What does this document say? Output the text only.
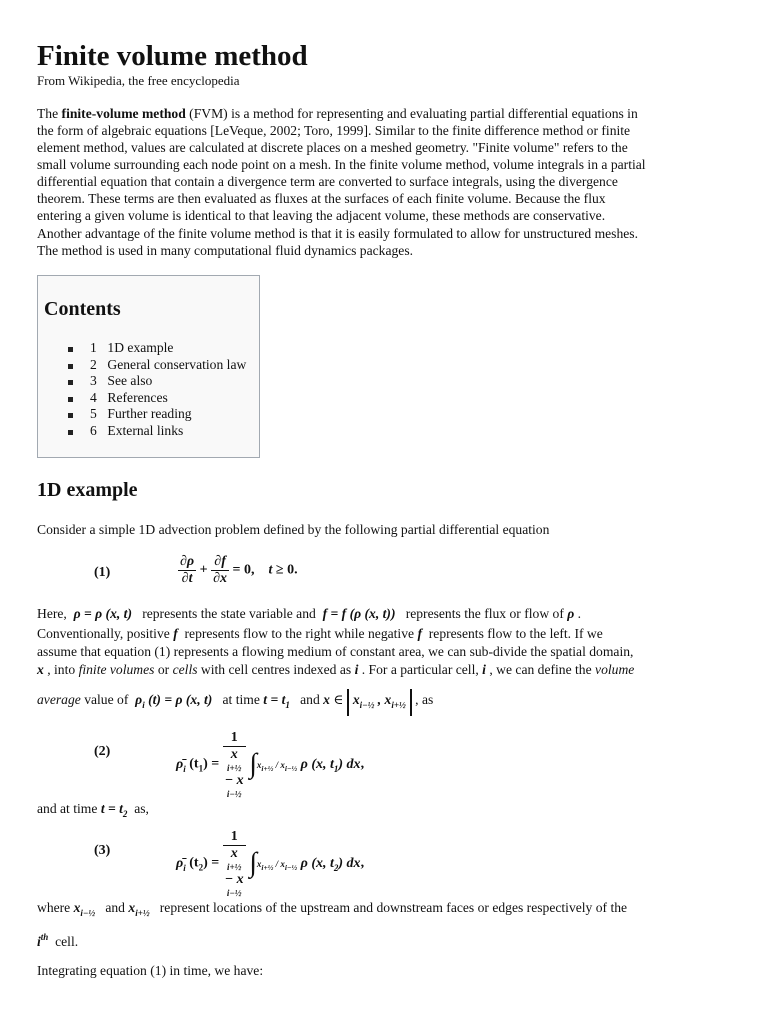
Finite volume method
From Wikipedia, the free encyclopedia
The finite-volume method (FVM) is a method for representing and evaluating partial differential equations in
the form of algebraic equations [LeVeque, 2002; Toro, 1999]. Similar to the finite difference method or finite
element method, values are calculated at discrete places on a meshed geometry. "Finite volume" refers to the
small volume surrounding each node point on a mesh. In the finite volume method, volume integrals in a partial
differential equation that contain a divergence term are converted to surface integrals, using the divergence
theorem. These terms are then evaluated as fluxes at the surfaces of each finite volume. Because the flux
entering a given volume is identical to that leaving the adjacent volume, these methods are conservative.
Another advantage of the finite volume method is that it is easily formulated to allow for unstructured meshes.
The method is used in many computational fluid dynamics packages.
Contents
1 1D example
2 General conservation law
3 See also
4 References
5 Further reading
6 External links
1D example
Consider a simple 1D advection problem defined by the following partial differential equation
(1)	$\frac{\partial\rho}{\partial t} + \frac{\partial f}{\partial x} = 0$,    t ≥ 0.
Here, ρ = ρ (x, t) represents the state variable and f = f (ρ (x, t)) represents the flux or flow of ρ .
Conventionally, positive f represents flow to the right while negative f represents flow to the left. If we
assume that equation (1) represents a flowing medium of constant area, we can sub-divide the spatial domain,
x , into finite volumes or cells with cell centres indexed as i . For a particular cell, i , we can define the volume
average value of $\rho_i$ (t) = ρ (x, t) at time $t = t_1$ and x ∈ $x_{i-\frac{1}{2}}$ , $x_{i+\frac{1}{2}}$ , as
(2)
$\rhō_i$ $(t_1) = 1$
x
i+½
− x
i−½ $\int x_{i+\frac{1}{2}} / x_{i-\frac{1}{2}}$ ρ (x, $t_1$) dx,
and at time $t = t_2$ as,
(3)
$\rhō_i$ $(t_2) = 1$
x
i+½
− x
i−½ $\int x_{i+\frac{1}{2}} / x_{i-\frac{1}{2}}$ ρ (x, $t_2$) dx,
where $x_{i-\frac{1}{2}}$ and $x_{i+\frac{1}{2}}$ represent locations of the upstream and downstream faces or edges respectively of the
$i^{th}$ cell.
Integrating equation (1) in time, we have:
